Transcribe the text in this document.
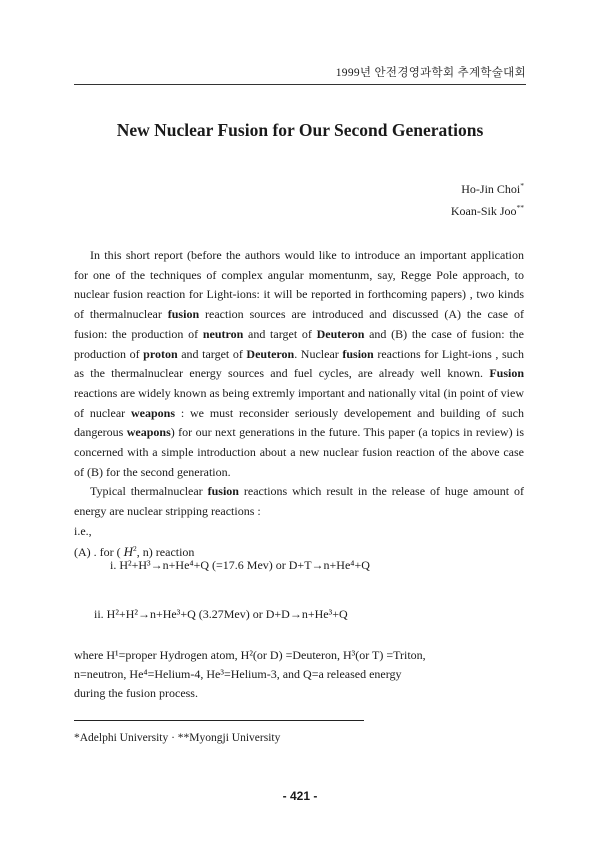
1999년 안전경영과학회 추계학술대회
New Nuclear Fusion for Our Second Generations
Ho-Jin Choi*
Koan-Sik Joo**

In this short report (before the authors would like to introduce an important application for one of the techniques of complex angular momentunm, say, Regge Pole approach, to nuclear fusion reaction for Light-ions: it will be reported in forthcoming papers) , two kinds of thermalnuclear fusion reaction sources are introduced and discussed (A) the case of fusion: the production of neutron and target of Deuteron and (B) the case of fusion: the production of proton and target of Deuteron. Nuclear fusion reactions for Light-ions , such as the thermalnuclear energy sources and fuel cycles, are already well known. Fusion reactions are widely known as being extremly important and nationally vital (in point of view of nuclear weapons : we must reconsider seriously developement and building of such dangerous weapons) for our next generations in the future. This paper (a topics in review) is concerned with a simple introduction about a new nuclear fusion reaction of the above case of (B) for the second generation.

Typical thermalnuclear fusion reactions which result in the release of huge amount of energy are nuclear stripping reactions :

i.e.,

(A) . for ( $H^2$, n) reaction

i. H²+H³→n+He⁴+Q (=17.6 Mev) or D+T→n+He⁴+Q
ii. H²+H²→n+He³+Q (3.27Mev) or D+D→n+He³+Q
where H¹=proper Hydrogen atom, H²(or D) =Deuteron, H³(or T) =Triton,
n=neutron, He⁴=Helium-4, He³=Helium-3, and Q=a released energy
during the fusion process.
*Adelphi University · **Myongji University
- 421 -
